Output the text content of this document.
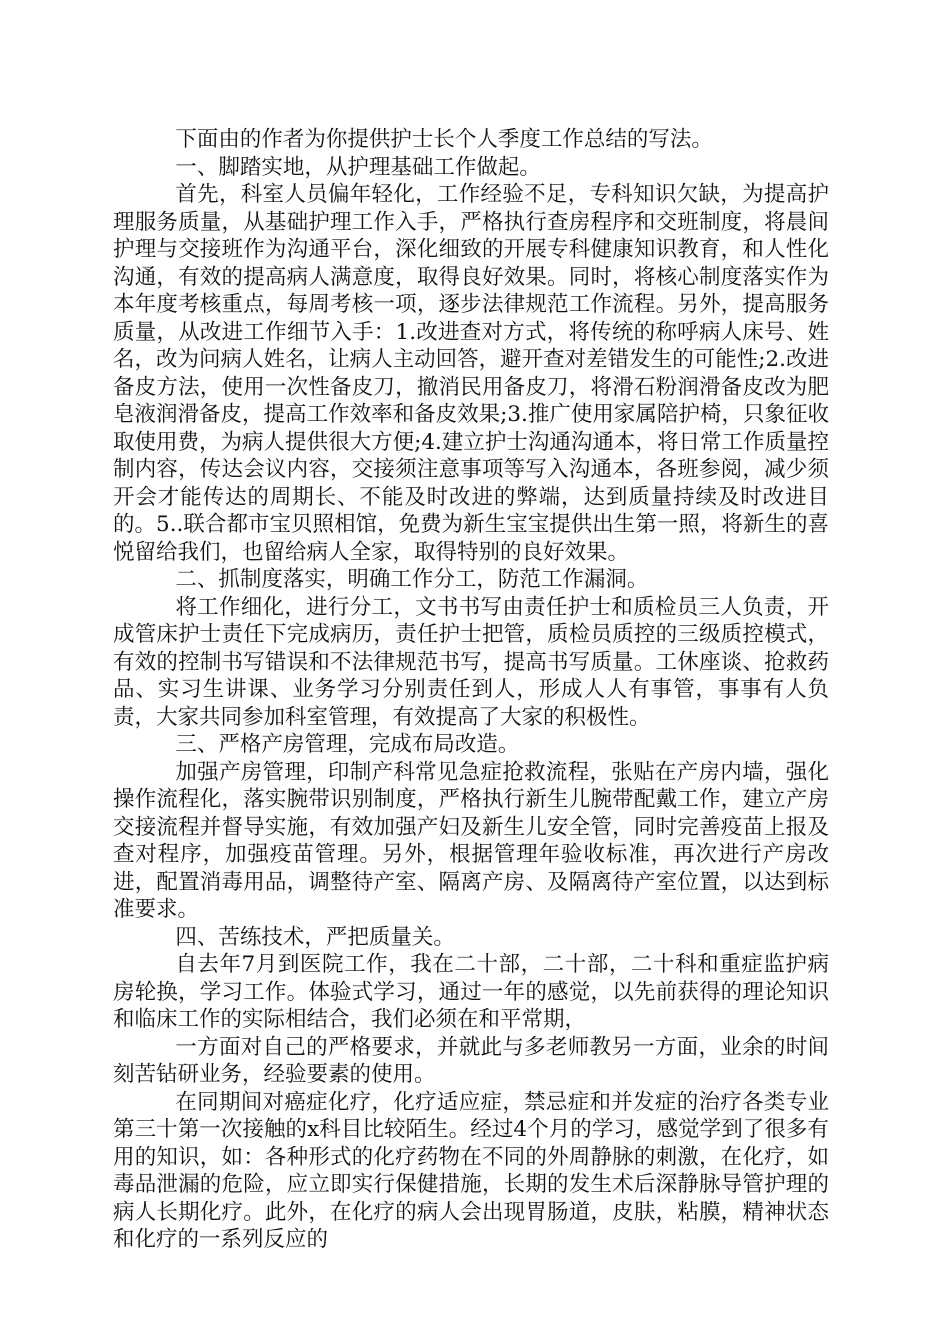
下面由的作者为你提供护士长个人季度工作总结的写法。

一、脚踏实地，从护理基础工作做起。

首先，科室人员偏年轻化，工作经验不足，专科知识欠缺，为提高护理服务质量，从基础护理工作入手，严格执行查房程序和交班制度，将晨间护理与交接班作为沟通平台，深化细致的开展专科健康知识教育，和人性化沟通，有效的提高病人满意度，取得良好效果。同时，将核心制度落实作为本年度考核重点，每周考核一项，逐步法律规范工作流程。另外，提高服务质量，从改进工作细节入手：1.改进查对方式，将传统的称呼病人床号、姓名，改为问病人姓名，让病人主动回答，避开查对差错发生的可能性;2.改进备皮方法，使用一次性备皮刀，撤消民用备皮刀，将滑石粉润滑备皮改为肥皂液润滑备皮，提高工作效率和备皮效果;3.推广使用家属陪护椅，只象征收取使用费，为病人提供很大方便;4.建立护士沟通沟通本，将日常工作质量控制内容，传达会议内容，交接须注意事项等写入沟通本，各班参阅，减少须开会才能传达的周期长、不能及时改进的弊端，达到质量持续及时改进目的。5..联合都市宝贝照相馆，免费为新生宝宝提供出生第一照，将新生的喜悦留给我们，也留给病人全家，取得特别的良好效果。

二、抓制度落实，明确工作分工，防范工作漏洞。

将工作细化，进行分工，文书书写由责任护士和质检员三人负责，开成管床护士责任下完成病历，责任护士把管，质检员质控的三级质控模式，有效的控制书写错误和不法律规范书写，提高书写质量。工休座谈、抢救药品、实习生讲课、业务学习分别责任到人，形成人人有事管，事事有人负责，大家共同参加科室管理，有效提高了大家的积极性。

三、严格产房管理，完成布局改造。

加强产房管理，印制产科常见急症抢救流程，张贴在产房内墙，强化操作流程化，落实腕带识别制度，严格执行新生儿腕带配戴工作，建立产房交接流程并督导实施，有效加强产妇及新生儿安全管，同时完善疫苗上报及查对程序，加强疫苗管理。另外，根据管理年验收标准，再次进行产房改进，配置消毒用品，调整待产室、隔离产房、及隔离待产室位置，以达到标准要求。

四、苦练技术，严把质量关。

自去年7月到医院工作，我在二十部，二十部，二十科和重症监护病房轮换，学习工作。体验式学习，通过一年的感觉，以先前获得的理论知识和临床工作的实际相结合，我们必须在和平常期，

一方面对自己的严格要求，并就此与多老师教另一方面，业余的时间刻苦钻研业务，经验要素的使用。

在同期间对癌症化疗，化疗适应症，禁忌症和并发症的治疗各类专业第三十第一次接触的x科目比较陌生。经过4个月的学习，感觉学到了很多有用的知识，如：各种形式的化疗药物在不同的外周静脉的刺激，在化疗，如毒品泄漏的危险，应立即实行保健措施，长期的发生术后深静脉导管护理的病人长期化疗。此外，在化疗的病人会出现胃肠道，皮肤，粘膜，精神状态和化疗的一系列反应的
